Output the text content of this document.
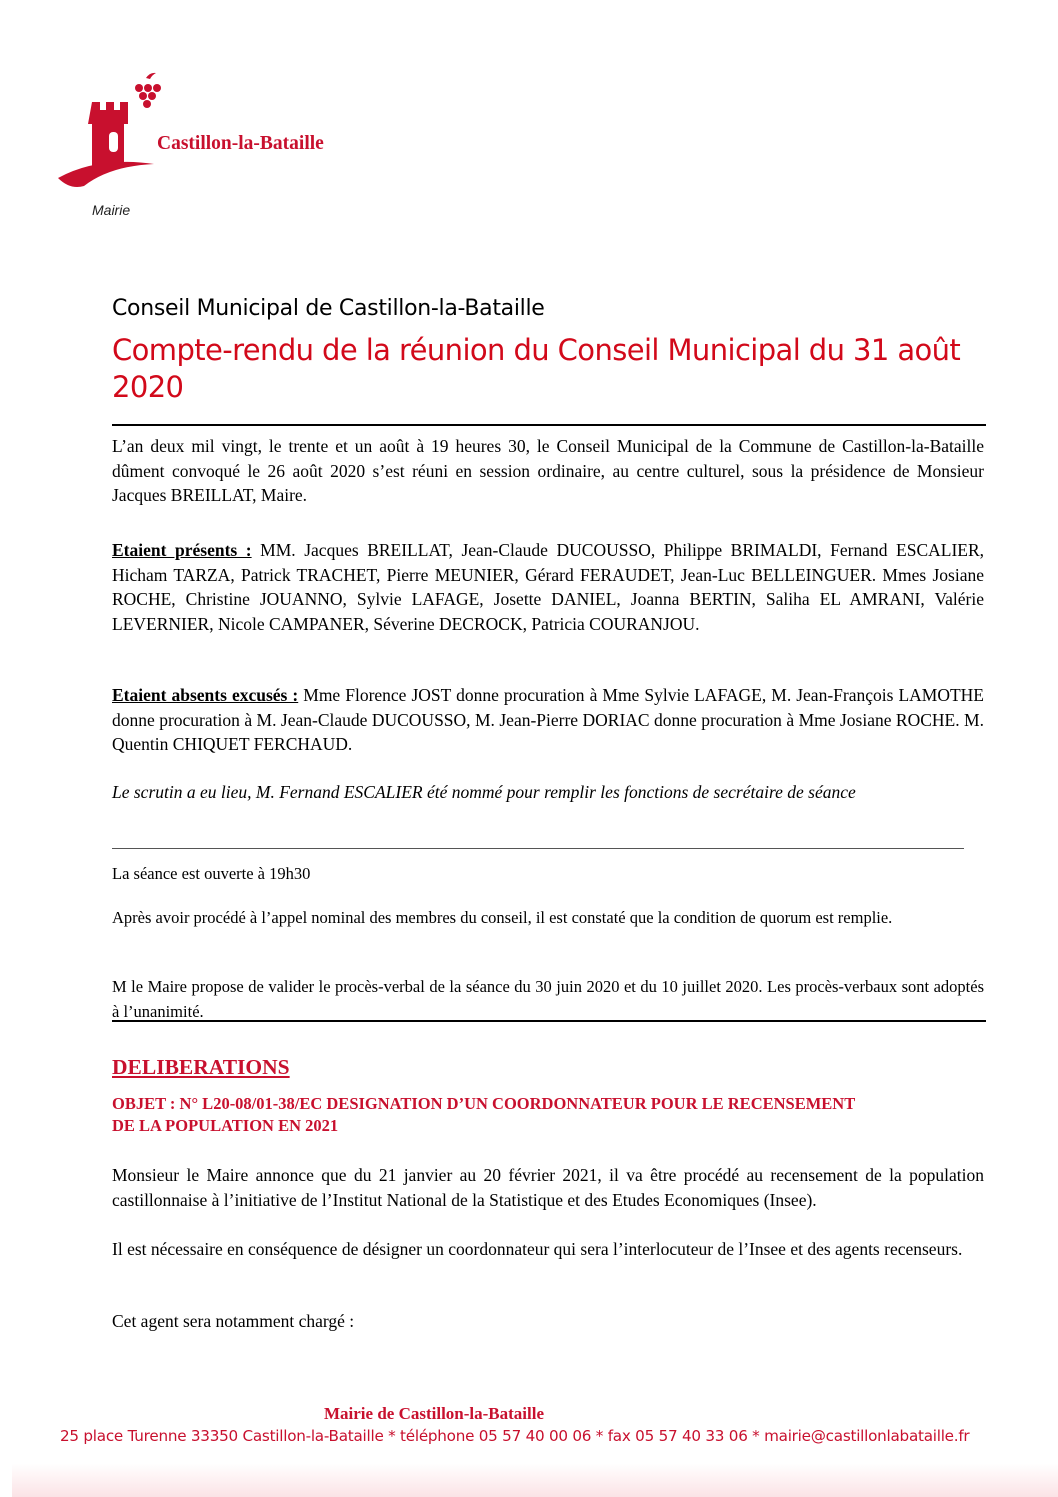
Castillon-la-Bataille
Mairie
Conseil Municipal de Castillon-la-Bataille
Compte-rendu de la réunion du Conseil Municipal du 31 août 2020

L’an deux mil vingt, le trente et un août à 19 heures 30, le Conseil Municipal de la Commune de Castillon-la-Bataille dûment convoqué le 26 août 2020 s’est réuni en session ordinaire, au centre culturel, sous la présidence de Monsieur Jacques BREILLAT, Maire.

Etaient présents : MM. Jacques BREILLAT, Jean-Claude DUCOUSSO, Philippe BRIMALDI, Fernand ESCALIER, Hicham TARZA, Patrick TRACHET, Pierre MEUNIER, Gérard FERAUDET, Jean-Luc BELLEINGUER. Mmes Josiane ROCHE, Christine JOUANNO, Sylvie LAFAGE, Josette DANIEL, Joanna BERTIN, Saliha EL AMRANI, Valérie LEVERNIER, Nicole CAMPANER, Séverine DECROCK, Patricia COURANJOU.

Etaient absents excusés : Mme Florence JOST donne procuration à Mme Sylvie LAFAGE, M. Jean-François LAMOTHE donne procuration à M. Jean-Claude DUCOUSSO, M. Jean-Pierre DORIAC donne procuration à Mme Josiane ROCHE. M. Quentin CHIQUET FERCHAUD.

Le scrutin a eu lieu, M. Fernand ESCALIER été nommé pour remplir les fonctions de secrétaire de séance

La séance est ouverte à 19h30

Après avoir procédé à l’appel nominal des membres du conseil, il est constaté que la condition de quorum est remplie.

M le Maire propose de valider le procès-verbal de la séance du 30 juin 2020 et du 10 juillet 2020. Les procès-verbaux sont adoptés à l’unanimité.

DELIBERATIONS
OBJET : N° L20-08/01-38/EC DESIGNATION D’UN COORDONNATEUR POUR LE RECENSEMENT DE LA POPULATION EN 2021

Monsieur le Maire annonce que du 21 janvier au 20 février 2021, il va être procédé au recensement de la population castillonnaise à l’initiative de l’Institut National de la Statistique et des Etudes Economiques (Insee).

Il est nécessaire en conséquence de désigner un coordonnateur qui sera l’interlocuteur de l’Insee et des agents recenseurs.

Cet agent sera notamment chargé :

Mairie de Castillon-la-Bataille
25 place Turenne 33350 Castillon-la-Bataille * téléphone 05 57 40 00 06 * fax 05 57 40 33 06 * mairie@castillonlabataille.fr
